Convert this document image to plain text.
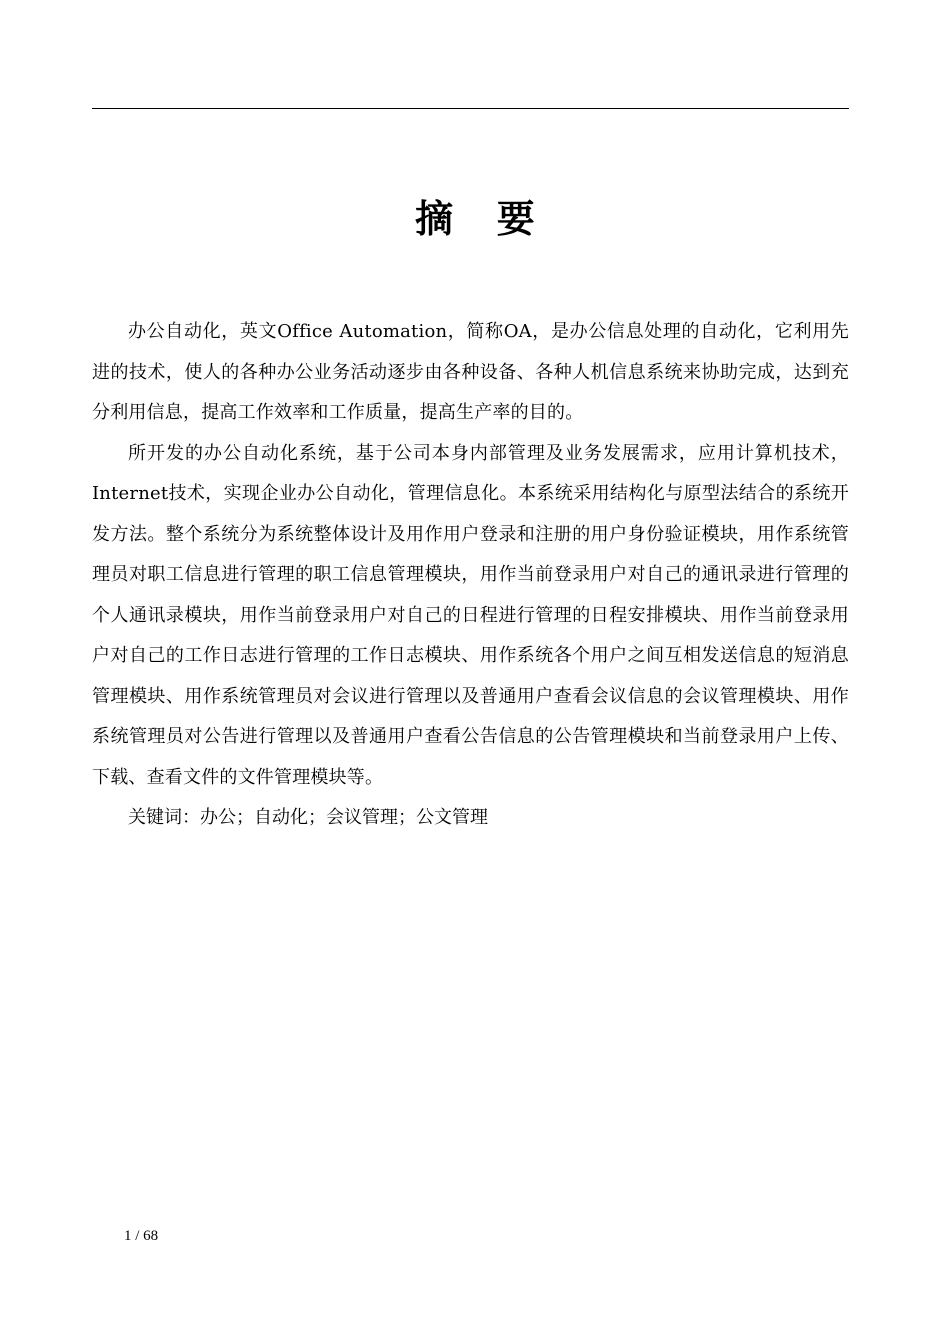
摘 要

办公自动化，英文Office Automation，简称OA，是办公信息处理的自动化，它利用先进的技术，使人的各种办公业务活动逐步由各种设备、各种人机信息系统来协助完成，达到充分利用信息，提高工作效率和工作质量，提高生产率的目的。

所开发的办公自动化系统，基于公司本身内部管理及业务发展需求，应用计算机技术，Internet技术，实现企业办公自动化，管理信息化。本系统采用结构化与原型法结合的系统开发方法。整个系统分为系统整体设计及用作用户登录和注册的用户身份验证模块，用作系统管理员对职工信息进行管理的职工信息管理模块，用作当前登录用户对自己的通讯录进行管理的个人通讯录模块，用作当前登录用户对自己的日程进行管理的日程安排模块、用作当前登录用户对自己的工作日志进行管理的工作日志模块、用作系统各个用户之间互相发送信息的短消息管理模块、用作系统管理员对会议进行管理以及普通用户查看会议信息的会议管理模块、用作系统管理员对公告进行管理以及普通用户查看公告信息的公告管理模块和当前登录用户上传、下载、查看文件的文件管理模块等。

关键词：办公；自动化；会议管理；公文管理

1 / 68
